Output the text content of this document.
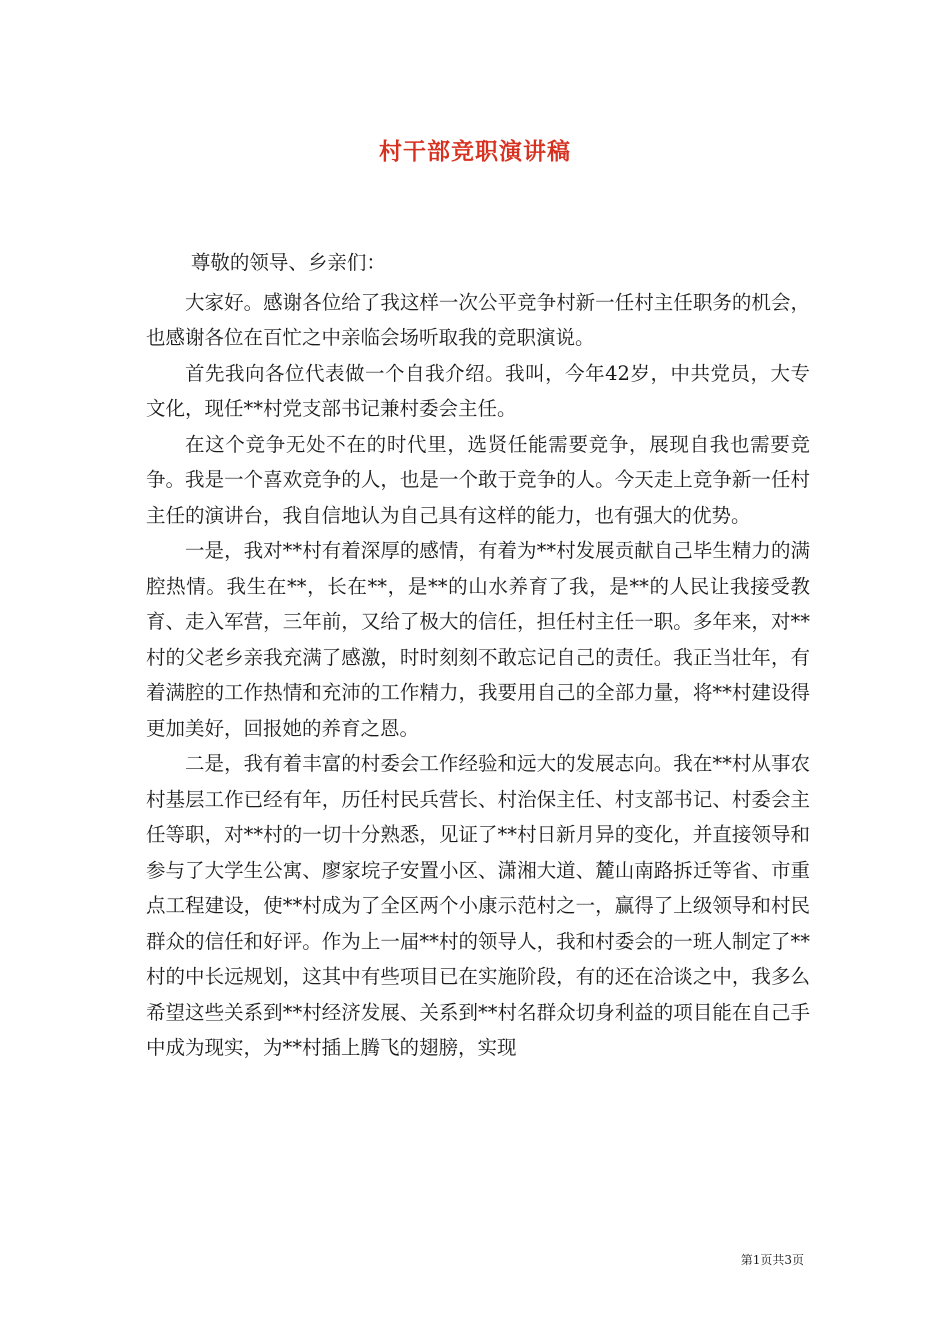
村干部竞职演讲稿

尊敬的领导、乡亲们：

大家好。感谢各位给了我这样一次公平竞争村新一任村主任职务的机会，也感谢各位在百忙之中亲临会场听取我的竞职演说。

首先我向各位代表做一个自我介绍。我叫，今年42岁，中共党员，大专文化，现任**村党支部书记兼村委会主任。

在这个竞争无处不在的时代里，选贤任能需要竞争，展现自我也需要竞争。我是一个喜欢竞争的人，也是一个敢于竞争的人。今天走上竞争新一任村主任的演讲台，我自信地认为自己具有这样的能力，也有强大的优势。

一是，我对**村有着深厚的感情，有着为**村发展贡献自己毕生精力的满腔热情。我生在**，长在**，是**的山水养育了我，是**的人民让我接受教育、走入军营，三年前，又给了极大的信任，担任村主任一职。多年来，对**村的父老乡亲我充满了感激，时时刻刻不敢忘记自己的责任。我正当壮年，有着满腔的工作热情和充沛的工作精力，我要用自己的全部力量，将**村建设得更加美好，回报她的养育之恩。

二是，我有着丰富的村委会工作经验和远大的发展志向。我在**村从事农村基层工作已经有年，历任村民兵营长、村治保主任、村支部书记、村委会主任等职，对**村的一切十分熟悉，见证了**村日新月异的变化，并直接领导和参与了大学生公寓、廖家垸子安置小区、潇湘大道、麓山南路拆迁等省、市重点工程建设，使**村成为了全区两个小康示范村之一，赢得了上级领导和村民群众的信任和好评。作为上一届**村的领导人，我和村委会的一班人制定了**村的中长远规划，这其中有些项目已在实施阶段，有的还在洽谈之中，我多么希望这些关系到**村经济发展、关系到**村名群众切身利益的项目能在自己手中成为现实，为**村插上腾飞的翅膀，实现

第1页共3页
